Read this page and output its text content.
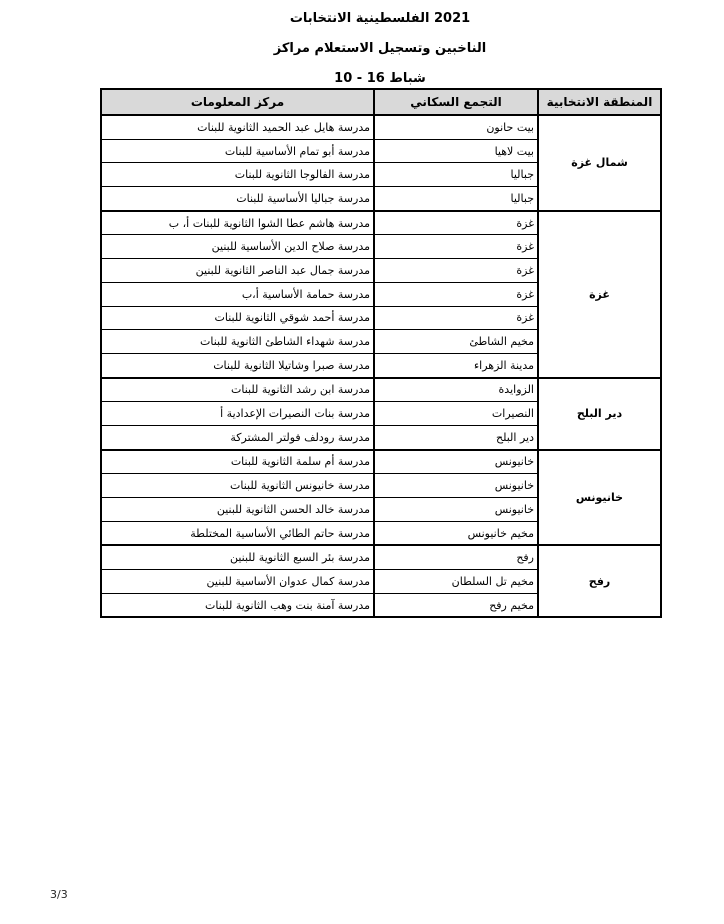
الانتخابات الفلسطينية 2021
مراكز الاستعلام وتسجيل الناخبين
10 - 16 شباط
المنطقة الانتخابية	التجمع السكاني	مركز المعلومات
شمال غزة	بيت حانون	مدرسة هايل عبد الحميد الثانوية للبنات
	بيت لاهيا	مدرسة أبو تمام الأساسية للبنات
	جباليا	مدرسة الفالوجا الثانوية للبنات
	جباليا	مدرسة جباليا الأساسية للبنات
غزة	غزة	مدرسة هاشم عطا الشوا الثانوية للبنات أ، ب
	غزة	مدرسة صلاح الدين الأساسية للبنين
	غزة	مدرسة جمال عبد الناصر الثانوية للبنين
	غزة	مدرسة حمامة الأساسية أ،ب
	غزة	مدرسة أحمد شوقي الثانوية للبنات
	مخيم الشاطئ	مدرسة شهداء الشاطئ الثانوية للبنات
	مدينة الزهراء	مدرسة صبرا وشاتيلا الثانوية للبنات
دير البلح	الزوايدة	مدرسة ابن رشد الثانوية للبنات
	النصيرات	مدرسة بنات النصيرات الإعدادية أ
	دير البلح	مدرسة رودلف فولتر المشتركة
خانيونس	خانيونس	مدرسة أم سلمة الثانوية للبنات
	خانيونس	مدرسة خانيونس الثانوية للبنات
	خانيونس	مدرسة خالد الحسن الثانوية للبنين
	مخيم خانيونس	مدرسة حاتم الطائي الأساسية المختلطة
رفح	رفح	مدرسة بئر السبع الثانوية للبنين
	مخيم تل السلطان	مدرسة كمال عدوان الأساسية للبنين
	مخيم رفح	مدرسة آمنة بنت وهب الثانوية للبنات
3/3
